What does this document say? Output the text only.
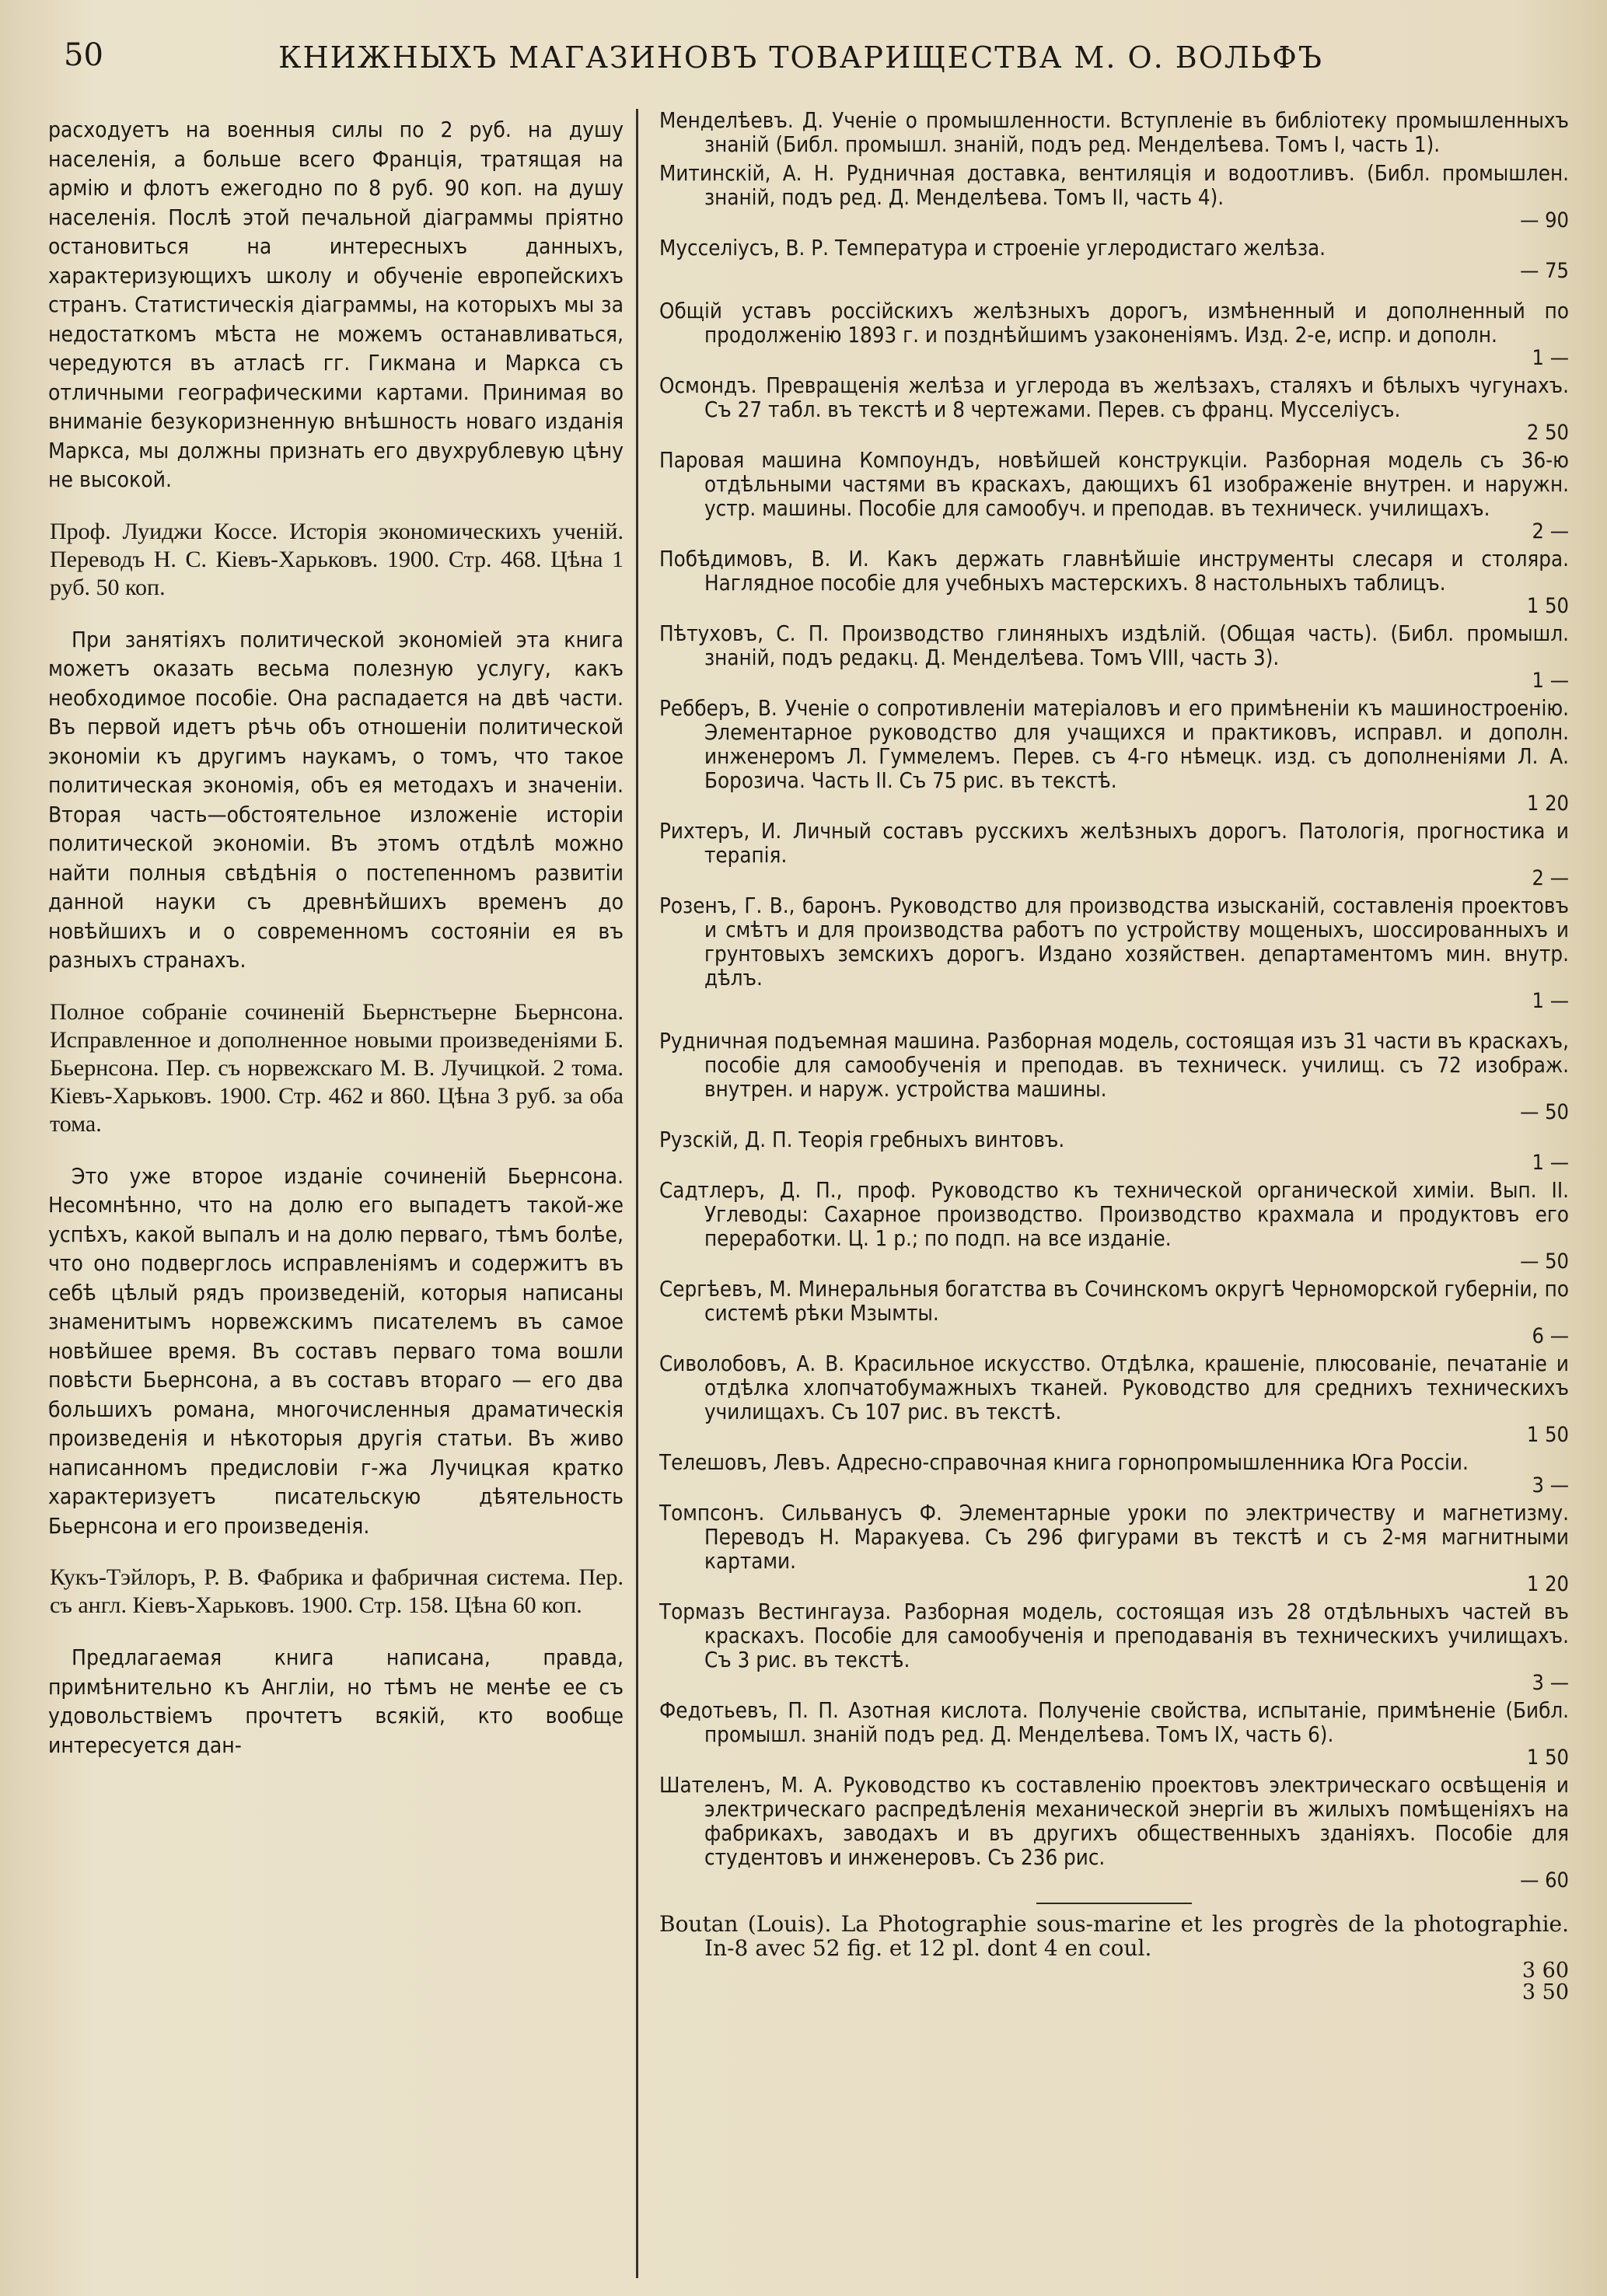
50	КНИЖНЫХЪ МАГАЗИНОВЪ ТОВАРИЩЕСТВА М. О. ВОЛЬФЪ

расходуетъ на военныя силы по 2 руб. на душу населенія, а больше всего Франція, тратящая на армію и флотъ ежегодно по 8 руб. 90 коп. на душу населенія. Послѣ этой печальной діаграммы пріятно остановиться на интересныхъ данныхъ, характеризующихъ школу и обученіе европейскихъ странъ. Статистическія діаграммы, на которыхъ мы за недостаткомъ мѣста не можемъ останавливаться, чередуются въ атласѣ гг. Гикмана и Маркса съ отличными географическими картами. Принимая во вниманіе безукоризненную внѣшность новаго изданія Маркса, мы должны признать его двухрублевую цѣну не высокой.

Проф. Луиджи Коссе. Исторія экономическихъ ученій. Переводъ Н. С. Кіевъ-Харьковъ. 1900. Стр. 468. Цѣна 1 руб. 50 коп.

При занятіяхъ политической экономіей эта книга можетъ оказать весьма полезную услугу, какъ необходимое пособіе. Она распадается на двѣ части. Въ первой идетъ рѣчь объ отношеніи политической экономіи къ другимъ наукамъ, о томъ, что такое политическая экономія, объ ея методахъ и значеніи. Вторая часть—обстоятельное изложеніе исторіи политической экономіи. Въ этомъ отдѣлѣ можно найти полныя свѣдѣнія о постепенномъ развитіи данной науки съ древнѣйшихъ временъ до новѣйшихъ и о современномъ состояніи ея въ разныхъ странахъ.

Полное собраніе сочиненій Бьернстьерне Бьернсона. Исправленное и дополненное новыми произведеніями Б. Бьернсона. Пер. съ норвежскаго М. В. Лучицкой. 2 тома. Кіевъ-Харьковъ. 1900. Стр. 462 и 860. Цѣна 3 руб. за оба тома.

Это уже второе изданіе сочиненій Бьернсона. Несомнѣнно, что на долю его выпадетъ такой-же успѣхъ, какой выпалъ и на долю перваго, тѣмъ болѣе, что оно подверглось исправленіямъ и содержитъ въ себѣ цѣлый рядъ произведеній, которыя написаны знаменитымъ норвежскимъ писателемъ въ самое новѣйшее время. Въ составъ перваго тома вошли повѣсти Бьернсона, а въ составъ втораго — его два большихъ романа, многочисленныя драматическія произведенія и нѣкоторыя другія статьи. Въ живо написанномъ предисловіи г-жа Лучицкая кратко характеризуетъ писательскую дѣятельность Бьернсона и его произведенія.

Кукъ-Тэйлоръ, Р. В. Фабрика и фабричная система. Пер. съ англ. Кіевъ-Харьковъ. 1900. Стр. 158. Цѣна 60 коп.

Предлагаемая книга написана, правда, примѣнительно къ Англіи, но тѣмъ не менѣе ее съ удовольствіемъ прочтетъ всякій, кто вообще интересуется дан-

Менделѣевъ. Д. Ученіе о промышленности. Вступленіе въ библіотеку промышленныхъ знаній (Библ. промышл. знаній, подъ ред. Менделѣева. Томъ I, часть 1).

Митинскій, А. Н. Рудничная доставка, вентиляція и водоотливъ. (Библ. промышлен. знаній, подъ ред. Д. Менделѣева. Томъ II, часть 4).
— 90

Мусселіусъ, В. Р. Температура и строеніе углеродистаго желѣза.
— 75

Общій уставъ россійскихъ желѣзныхъ дорогъ, измѣненный и дополненный по продолженію 1893 г. и позднѣйшимъ узаконеніямъ. Изд. 2-е, испр. и дополн.
1 —

Осмондъ. Превращенія желѣза и углерода въ желѣзахъ, сталяхъ и бѣлыхъ чугунахъ. Съ 27 табл. въ текстѣ и 8 чертежами. Перев. съ франц. Мусселіусъ.
2 50

Паровая машина Компоундъ, новѣйшей конструкціи. Разборная модель съ 36-ю отдѣльными частями въ краскахъ, дающихъ 61 изображеніе внутрен. и наружн. устр. машины. Пособіе для самообуч. и преподав. въ техническ. училищахъ.
2 —

Побѣдимовъ, В. И. Какъ держать главнѣйшіе инструменты слесаря и столяра. Наглядное пособіе для учебныхъ мастерскихъ. 8 настольныхъ таблицъ.
1 50

Пѣтуховъ, С. П. Производство глиняныхъ издѣлій. (Общая часть). (Библ. промышл. знаній, подъ редакц. Д. Менделѣева. Томъ VIII, часть 3).
1 —

Ребберъ, В. Ученіе о сопротивленіи матеріаловъ и его примѣненіи къ машиностроенію. Элементарное руководство для учащихся и практиковъ, исправл. и дополн. инженеромъ Л. Гуммелемъ. Перев. съ 4-го нѣмецк. изд. съ дополненіями Л. А. Борозича. Часть II. Съ 75 рис. въ текстѣ.
1 20

Рихтеръ, И. Личный составъ русскихъ желѣзныхъ дорогъ. Патологія, прогностика и терапія.
2 —

Розенъ, Г. В., баронъ. Руководство для производства изысканій, составленія проектовъ и смѣтъ и для производства работъ по устройству мощеныхъ, шоссированныхъ и грунтовыхъ земскихъ дорогъ. Издано хозяйствен. департаментомъ мин. внутр. дѣлъ.
1 —

Рудничная подъемная машина. Разборная модель, состоящая изъ 31 части въ краскахъ, пособіе для самообученія и преподав. въ техническ. училищ. съ 72 изображ. внутрен. и наруж. устройства машины.
— 50

Рузскій, Д. П. Теорія гребныхъ винтовъ.
1 —

Садтлеръ, Д. П., проф. Руководство къ технической органической химіи. Вып. II. Углеводы: Сахарное производство. Производство крахмала и продуктовъ его переработки. Ц. 1 р.; по подп. на все изданіе.
— 50

Сергѣевъ, М. Минеральныя богатства въ Сочинскомъ округѣ Черноморской губерніи, по системѣ рѣки Мзымты.
6 —

Сиволобовъ, А. В. Красильное искусство. Отдѣлка, крашеніе, плюсованіе, печатаніе и отдѣлка хлопчатобумажныхъ тканей. Руководство для среднихъ техническихъ училищахъ. Съ 107 рис. въ текстѣ.
1 50

Телешовъ, Левъ. Адресно-справочная книга горнопромышленника Юга Россіи.
3 —

Томпсонъ. Сильванусъ Ф. Элементарные уроки по электричеству и магнетизму. Переводъ Н. Маракуева. Съ 296 фигурами въ текстѣ и съ 2-мя магнитными картами.
1 20

Тормазъ Вестингауза. Разборная модель, состоящая изъ 28 отдѣльныхъ частей въ краскахъ. Пособіе для самообученія и преподаванія въ техническихъ училищахъ. Съ 3 рис. въ текстѣ.
3 —

Федотьевъ, П. П. Азотная кислота. Полученіе свойства, испытаніе, примѣненіе (Библ. промышл. знаній подъ ред. Д. Менделѣева. Томъ IX, часть 6).
1 50

Шателенъ, М. А. Руководство къ составленію проектовъ электрическаго освѣщенія и электрическаго распредѣленія механической энергіи въ жилыхъ помѣщеніяхъ на фабрикахъ, заводахъ и въ другихъ общественныхъ зданіяхъ. Пособіе для студентовъ и инженеровъ. Съ 236 рис.
— 60

Boutan (Louis). La Photographie sous-marine et les progrès de la photographie. In-8 avec 52 fig. et 12 pl. dont 4 en coul.
3 60
3 50
